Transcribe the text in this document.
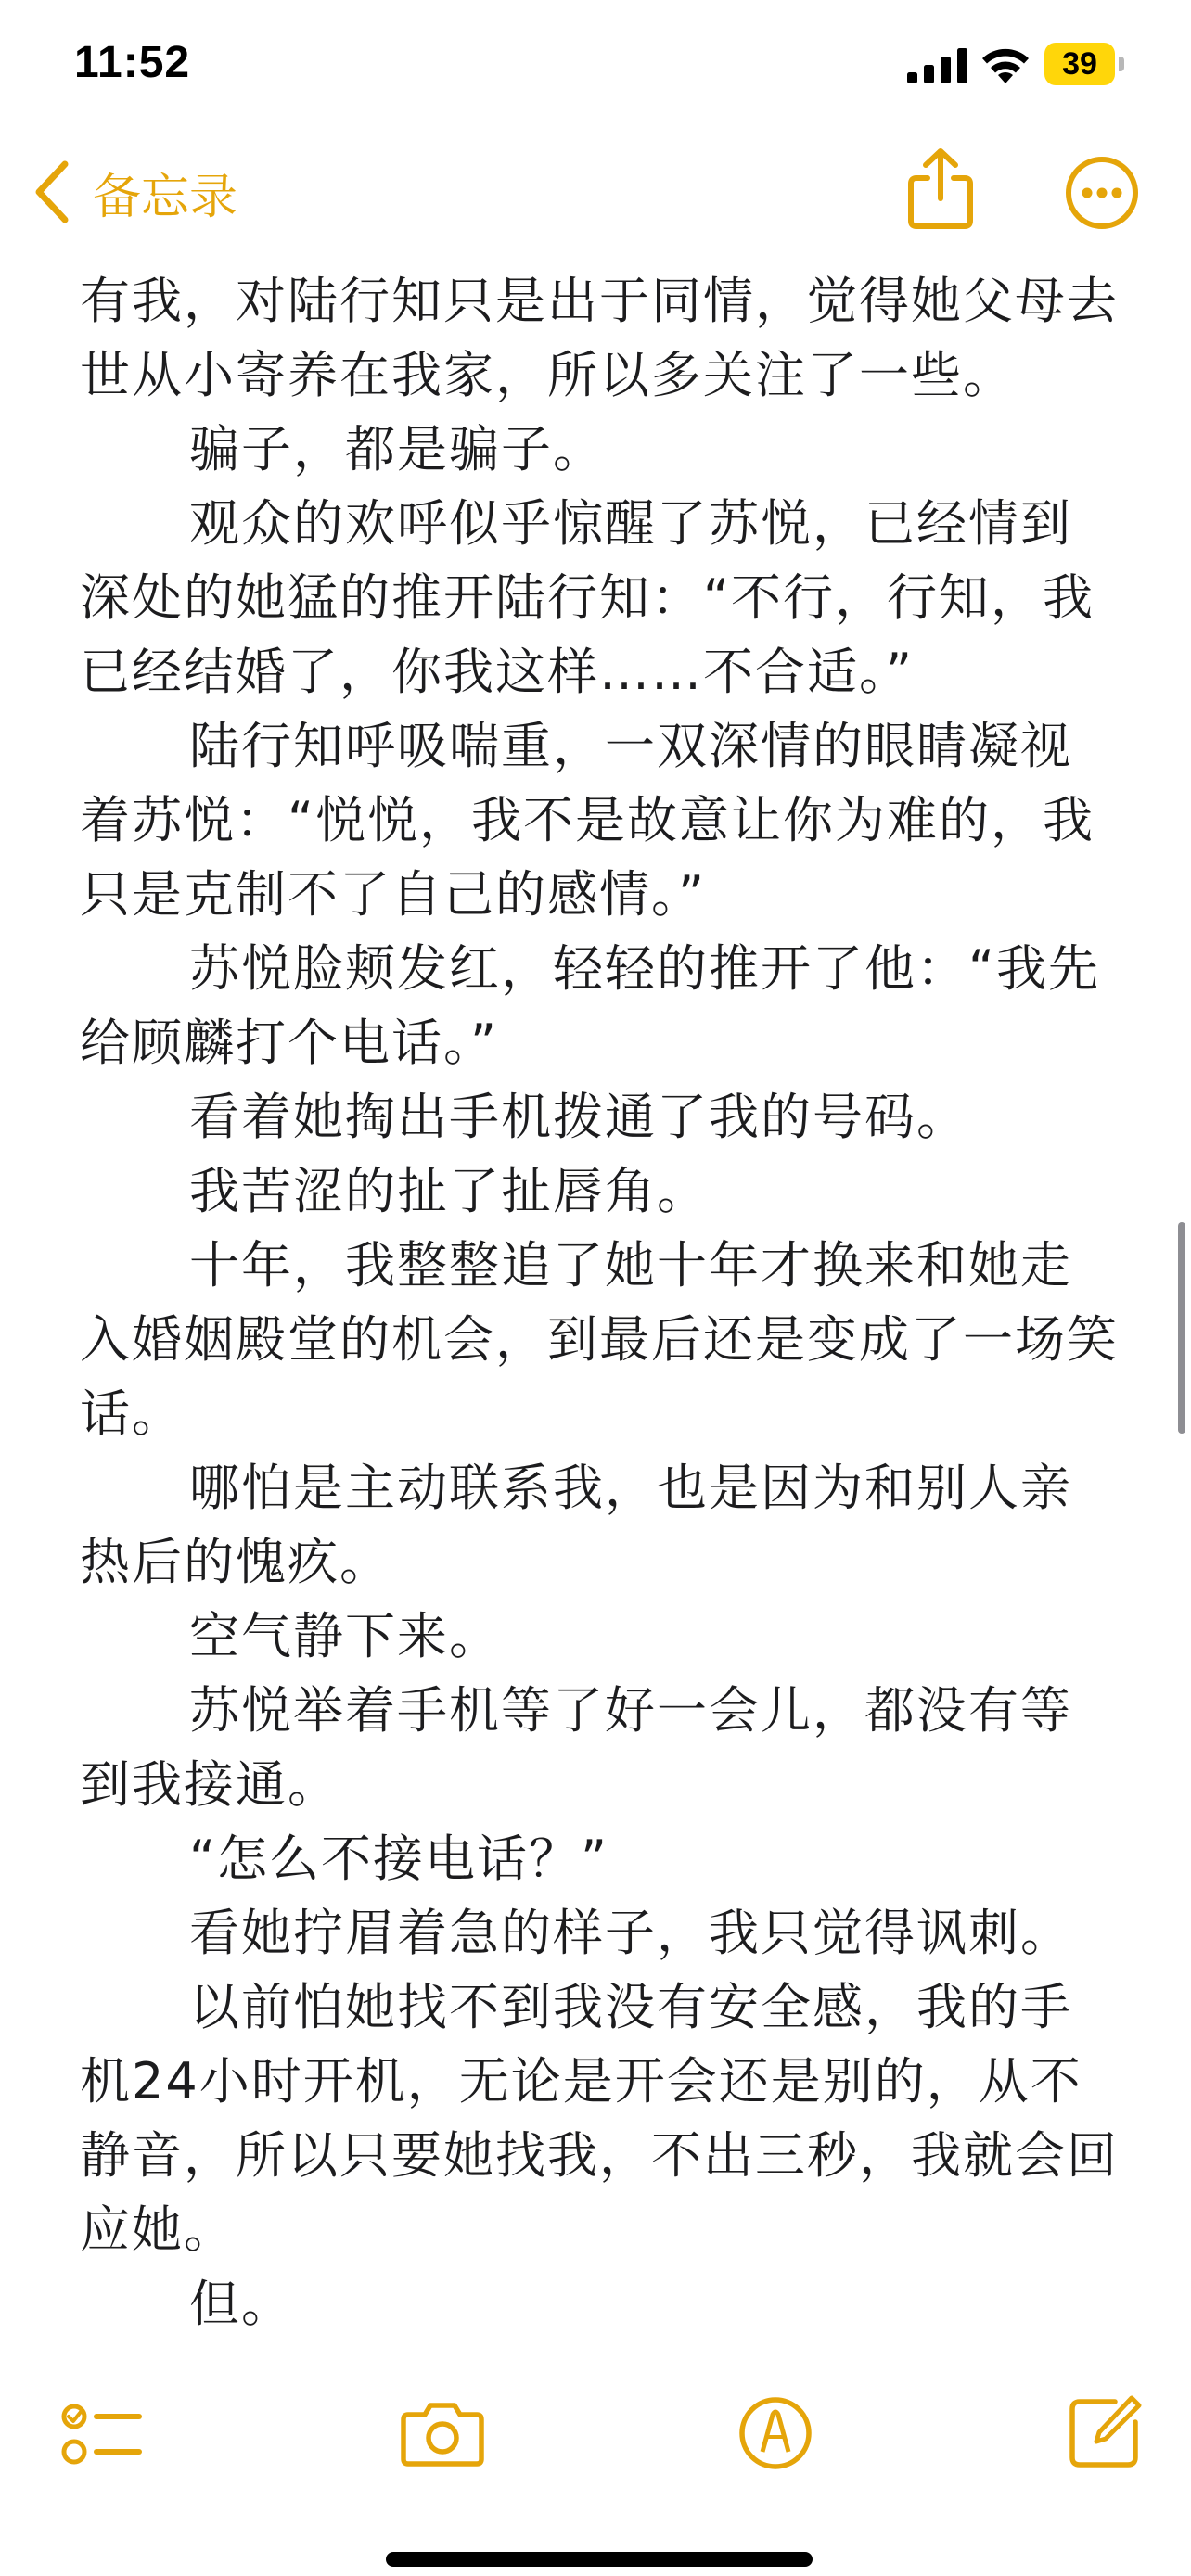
11:52	39
备忘录

有我，对陆行知只是出于同情，觉得她父母去世从小寄养在我家，所以多关注了一些。

骗子，都是骗子。

观众的欢呼似乎惊醒了苏悦，已经情到深处的她猛的推开陆行知：“不行，行知，我已经结婚了，你我这样……不合适。”

陆行知呼吸喘重，一双深情的眼睛凝视着苏悦：“悦悦，我不是故意让你为难的，我只是克制不了自己的感情。”

苏悦脸颊发红，轻轻的推开了他：“我先给顾麟打个电话。”

看着她掏出手机拨通了我的号码。

我苦涩的扯了扯唇角。

十年，我整整追了她十年才换来和她走入婚姻殿堂的机会，到最后还是变成了一场笑话。

哪怕是主动联系我，也是因为和别人亲热后的愧疚。

空气静下来。

苏悦举着手机等了好一会儿，都没有等到我接通。

“怎么不接电话？”

看她拧眉着急的样子，我只觉得讽刺。

以前怕她找不到我没有安全感，我的手机24小时开机，无论是开会还是别的，从不静音，所以只要她找我，不出三秒，我就会回应她。

但。
